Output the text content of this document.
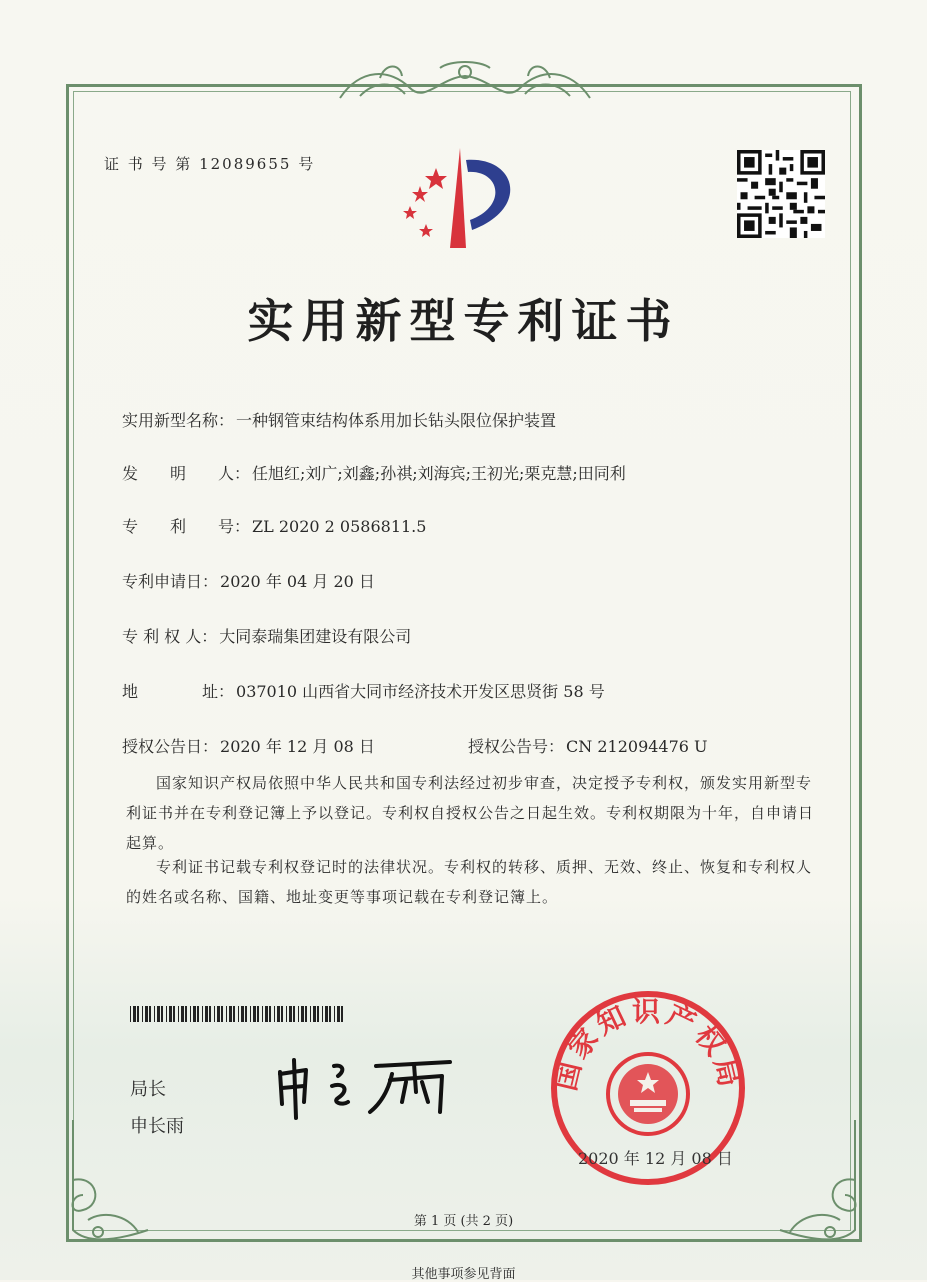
证 书 号 第 12089655 号
实用新型专利证书
实用新型名称： 一种钢管束结构体系用加长钻头限位保护装置
发　　明　　人： 任旭红;刘广;刘鑫;孙祺;刘海宾;王初光;栗克慧;田同利
专　　利　　号： ZL 2020 2 0586811.5
专利申请日： 2020 年 04 月 20 日
专 利 权 人： 大同泰瑞集团建设有限公司
地　　　　址： 037010 山西省大同市经济技术开发区思贤街 58 号
授权公告日： 2020 年 12 月 08 日	授权公告号： CN 212094476 U
国家知识产权局依照中华人民共和国专利法经过初步审查，决定授予专利权，颁发实用新型专利证书并在专利登记簿上予以登记。专利权自授权公告之日起生效。专利权期限为十年，自申请日起算。
专利证书记载专利权登记时的法律状况。专利权的转移、质押、无效、终止、恢复和专利权人的姓名或名称、国籍、地址变更等事项记载在专利登记簿上。
局长
申长雨
国家知识产权局
2020 年 12 月 08 日
第 1 页 (共 2 页)
其他事项参见背面
